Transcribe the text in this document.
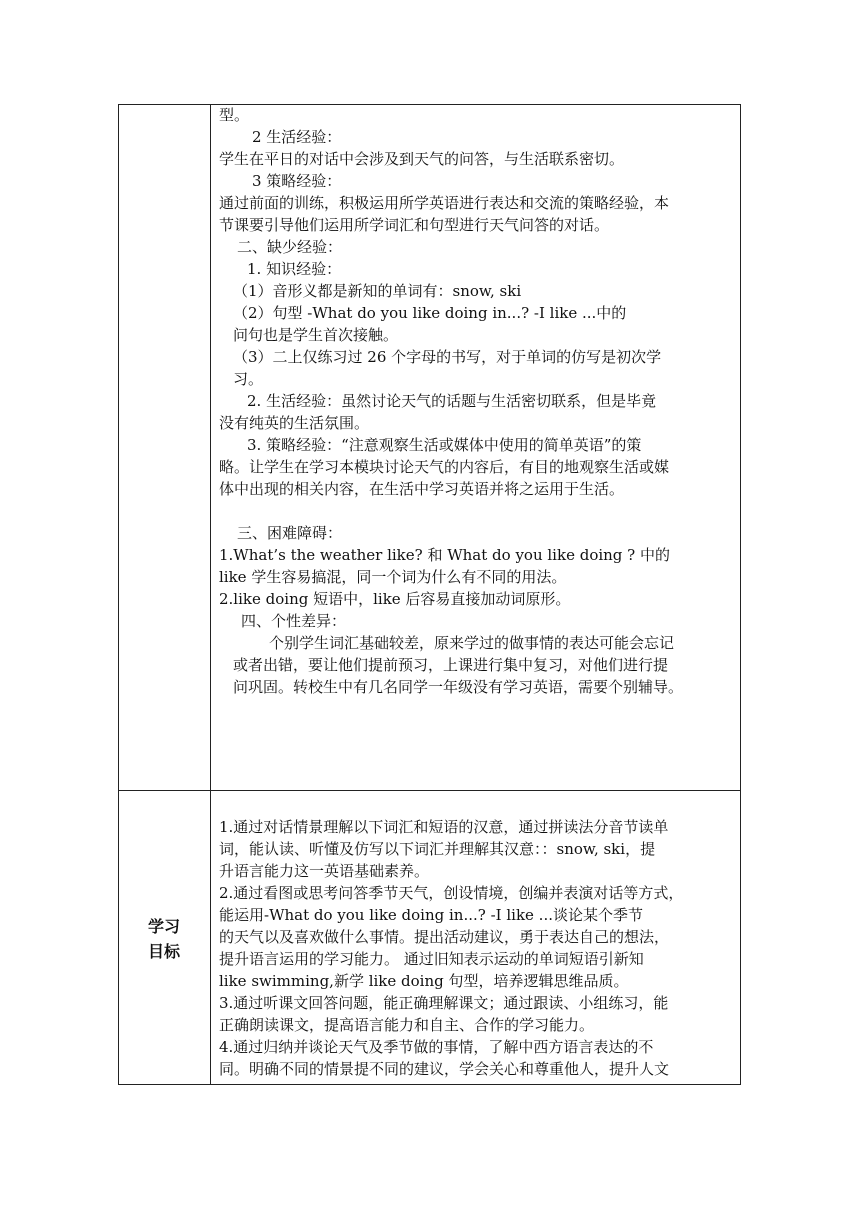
型。

2 生活经验：

学生在平日的对话中会涉及到天气的问答，与生活联系密切。

3 策略经验：

通过前面的训练，积极运用所学英语进行表达和交流的策略经验，本

节课要引导他们运用所学词汇和句型进行天气问答的对话。

二、缺少经验：

1. 知识经验：

（1）音形义都是新知的单词有：snow, ski

（2）句型 -What do you like doing in...? -I like ...中的

问句也是学生首次接触。

（3）二上仅练习过 26 个字母的书写，对于单词的仿写是初次学

习。

2. 生活经验：虽然讨论天气的话题与生活密切联系，但是毕竟

没有纯英的生活氛围。

3. 策略经验：“注意观察生活或媒体中使用的简单英语”的策

略。让学生在学习本模块讨论天气的内容后，有目的地观察生活或媒

体中出现的相关内容，在生活中学习英语并将之运用于生活。

三、困难障碍：

1.What’s the weather like? 和 What do you like doing ? 中的

like 学生容易搞混，同一个词为什么有不同的用法。

2.like doing 短语中，like 后容易直接加动词原形。

四、个性差异：

个别学生词汇基础较差，原来学过的做事情的表达可能会忘记

或者出错，要让他们提前预习，上课进行集中复习，对他们进行提

问巩固。转校生中有几名同学一年级没有学习英语，需要个别辅导。

学习

目标

1.通过对话情景理解以下词汇和短语的汉意，通过拼读法分音节读单

词，能认读、听懂及仿写以下词汇并理解其汉意：：snow, ski，提

升语言能力这一英语基础素养。

2.通过看图或思考问答季节天气，创设情境，创编并表演对话等方式，

能运用-What do you like doing in...? -I like ...谈论某个季节

的天气以及喜欢做什么事情。提出活动建议，勇于表达自己的想法，

提升语言运用的学习能力。 通过旧知表示运动的单词短语引新知

like swimming,新学 like doing 句型，培养逻辑思维品质。

3.通过听课文回答问题，能正确理解课文；通过跟读、小组练习，能

正确朗读课文，提高语言能力和自主、合作的学习能力。

4.通过归纳并谈论天气及季节做的事情，了解中西方语言表达的不

同。明确不同的情景提不同的建议，学会关心和尊重他人，提升人文
